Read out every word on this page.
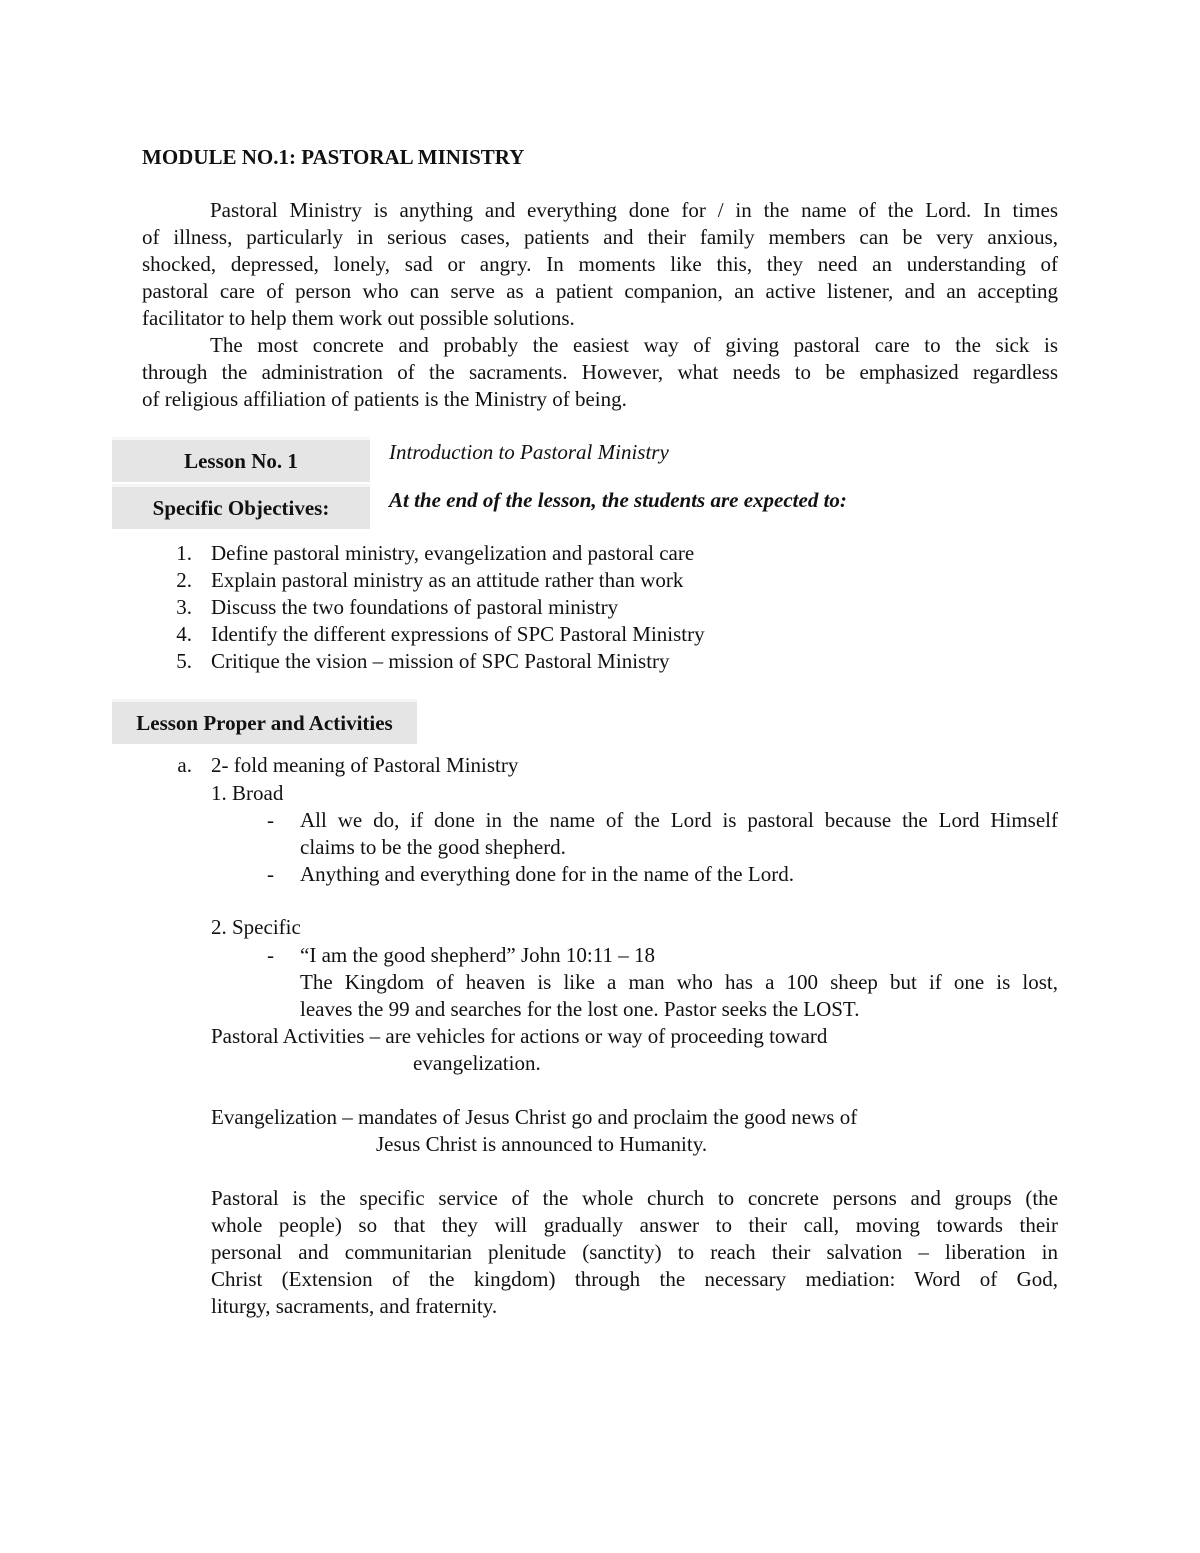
MODULE NO.1: PASTORAL MINISTRY
Pastoral Ministry is anything and everything done for / in the name of the Lord. In times
of illness, particularly in serious cases, patients and their family members can be very anxious,
shocked, depressed, lonely, sad or angry. In moments like this, they need an understanding of
pastoral care of person who can serve as a patient companion, an active listener, and an accepting
facilitator to help them work out possible solutions.
The most concrete and probably the easiest way of giving pastoral care to the sick is
through the administration of the sacraments. However, what needs to be emphasized regardless
of religious affiliation of patients is the Ministry of being.
Lesson No. 1	Introduction to Pastoral Ministry
Specific Objectives:	At the end of the lesson, the students are expected to:
1. Define pastoral ministry, evangelization and pastoral care
2. Explain pastoral ministry as an attitude rather than work
3. Discuss the two foundations of pastoral ministry
4. Identify the different expressions of SPC Pastoral Ministry
5. Critique the vision – mission of SPC Pastoral Ministry
Lesson Proper and Activities
a. 2- fold meaning of Pastoral Ministry
1. Broad
- All we do, if done in the name of the Lord is pastoral because the Lord Himself
claims to be the good shepherd.
- Anything and everything done for in the name of the Lord.
2. Specific
- “I am the good shepherd” John 10:11 – 18
The Kingdom of heaven is like a man who has a 100 sheep but if one is lost,
leaves the 99 and searches for the lost one. Pastor seeks the LOST.
Pastoral Activities – are vehicles for actions or way of proceeding toward
evangelization.
Evangelization – mandates of Jesus Christ go and proclaim the good news of
Jesus Christ is announced to Humanity.
Pastoral is the specific service of the whole church to concrete persons and groups (the
whole people) so that they will gradually answer to their call, moving towards their
personal and communitarian plenitude (sanctity) to reach their salvation – liberation in
Christ (Extension of the kingdom) through the necessary mediation: Word of God,
liturgy, sacraments, and fraternity.
